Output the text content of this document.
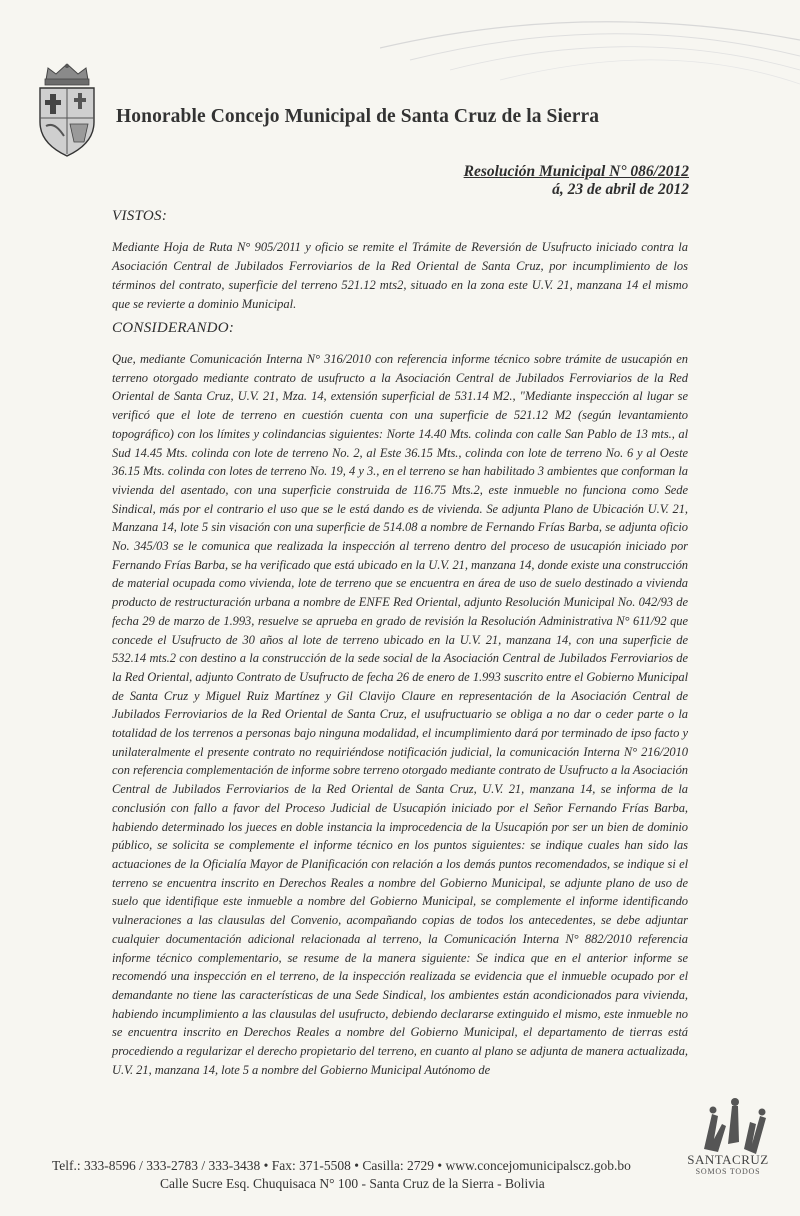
Honorable Concejo Municipal de Santa Cruz de la Sierra
Resolución Municipal N° 086/2012
á, 23 de abril de 2012
VISTOS:

Mediante Hoja de Ruta N° 905/2011 y oficio se remite el Trámite de Reversión de Usufructo iniciado contra la Asociación Central de Jubilados Ferroviarios de la Red Oriental de Santa Cruz, por incumplimiento de los términos del contrato, superficie del terreno 521.12 mts2, situado en la zona este U.V. 21, manzana 14 el mismo que se revierte a dominio Municipal.

CONSIDERANDO:

Que, mediante Comunicación Interna N° 316/2010 con referencia informe técnico sobre trámite de usucapión en terreno otorgado mediante contrato de usufructo a la Asociación Central de Jubilados Ferroviarios de la Red Oriental de Santa Cruz, U.V. 21, Mza. 14, extensión superficial de 531.14 M2., "Mediante inspección al lugar se verificó que el lote de terreno en cuestión cuenta con una superficie de 521.12 M2 (según levantamiento topográfico) con los límites y colindancias siguientes: Norte 14.40 Mts. colinda con calle San Pablo de 13 mts., al Sud 14.45 Mts. colinda con lote de terreno No. 2, al Este 36.15 Mts., colinda con lote de terreno No. 6 y al Oeste 36.15 Mts. colinda con lotes de terreno No. 19, 4 y 3., en el terreno se han habilitado 3 ambientes que conforman la vivienda del asentado, con una superficie construida de 116.75 Mts.2, este inmueble no funciona como Sede Sindical, más por el contrario el uso que se le está dando es de vivienda. Se adjunta Plano de Ubicación U.V. 21, Manzana 14, lote 5 sin visación con una superficie de 514.08 a nombre de Fernando Frías Barba, se adjunta oficio No. 345/03 se le comunica que realizada la inspección al terreno dentro del proceso de usucapión iniciado por Fernando Frías Barba, se ha verificado que está ubicado en la U.V. 21, manzana 14, donde existe una construcción de material ocupada como vivienda, lote de terreno que se encuentra en área de uso de suelo destinado a vivienda producto de restructuración urbana a nombre de ENFE Red Oriental, adjunto Resolución Municipal No. 042/93 de fecha 29 de marzo de 1.993, resuelve se aprueba en grado de revisión la Resolución Administrativa N° 611/92 que concede el Usufructo de 30 años al lote de terreno ubicado en la U.V. 21, manzana 14, con una superficie de 532.14 mts.2 con destino a la construcción de la sede social de la Asociación Central de Jubilados Ferroviarios de la Red Oriental, adjunto Contrato de Usufructo de fecha 26 de enero de 1.993 suscrito entre el Gobierno Municipal de Santa Cruz y Miguel Ruiz Martínez y Gil Clavijo Claure en representación de la Asociación Central de Jubilados Ferroviarios de la Red Oriental de Santa Cruz, el usufructuario se obliga a no dar o ceder parte o la totalidad de los terrenos a personas bajo ninguna modalidad, el incumplimiento dará por terminado de ipso facto y unilateralmente el presente contrato no requiriéndose notificación judicial, la comunicación Interna N° 216/2010 con referencia complementación de informe sobre terreno otorgado mediante contrato de Usufructo a la Asociación Central de Jubilados Ferroviarios de la Red Oriental de Santa Cruz, U.V. 21, manzana 14, se informa de la conclusión con fallo a favor del Proceso Judicial de Usucapión iniciado por el Señor Fernando Frías Barba, habiendo determinado los jueces en doble instancia la improcedencia de la Usucapión por ser un bien de dominio público, se solicita se complemente el informe técnico en los puntos siguientes: se indique cuales han sido las actuaciones de la Oficialía Mayor de Planificación con relación a los demás puntos recomendados, se indique si el terreno se encuentra inscrito en Derechos Reales a nombre del Gobierno Municipal, se adjunte plano de uso de suelo que identifique este inmueble a nombre del Gobierno Municipal, se complemente el informe identificando vulneraciones a las clausulas del Convenio, acompañando copias de todos los antecedentes, se debe adjuntar cualquier documentación adicional relacionada al terreno, la Comunicación Interna N° 882/2010 referencia informe técnico complementario, se resume de la manera siguiente: Se indica que en el anterior informe se recomendó una inspección en el terreno, de la inspección realizada se evidencia que el inmueble ocupado por el demandante no tiene las características de una Sede Sindical, los ambientes están acondicionados para vivienda, habiendo incumplimiento a las clausulas del usufructo, debiendo declararse extinguido el mismo, este inmueble no se encuentra inscrito en Derechos Reales a nombre del Gobierno Municipal, el departamento de tierras está procediendo a regularizar el derecho propietario del terreno, en cuanto al plano se adjunta de manera actualizada, U.V. 21, manzana 14, lote 5 a nombre del Gobierno Municipal Autónomo de

Telf.: 333-8596 / 333-2783 / 333-3438 • Fax: 371-5508 • Casilla: 2729 • www.concejomunicipalscz.gob.bo
Calle Sucre Esq. Chuquisaca N° 100 - Santa Cruz de la Sierra - Bolivia
SANTACRUZ
SOMOS TODOS
